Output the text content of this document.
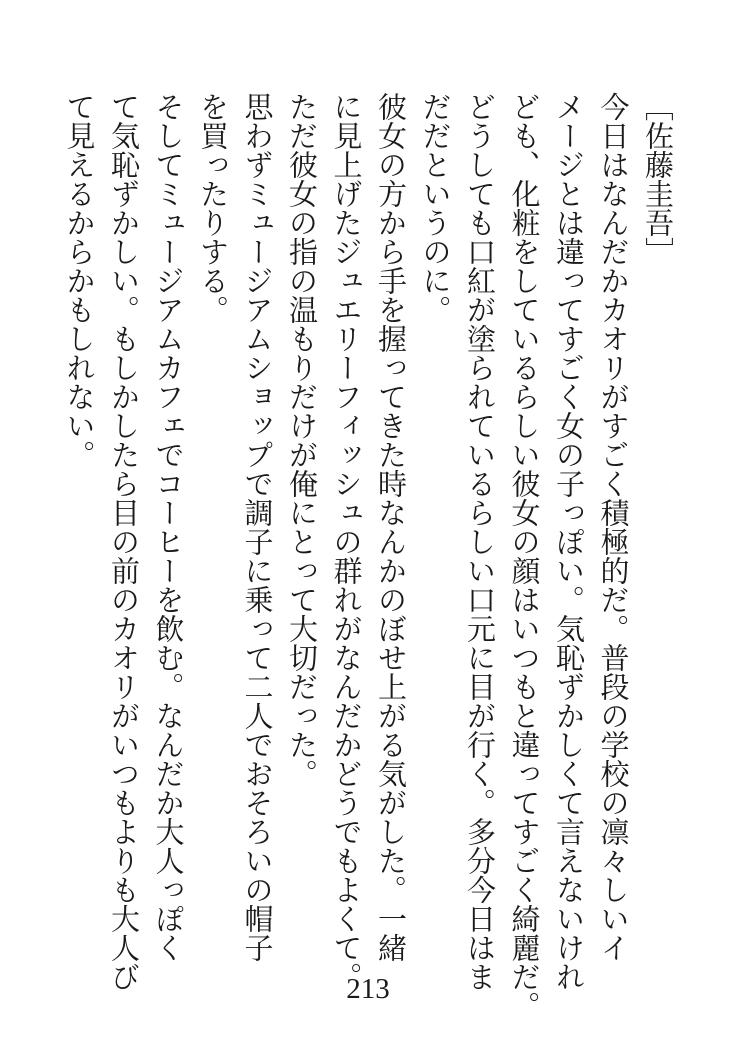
［佐藤圭吾］
今日はなんだかカオリがすごく積極的だ。普段の学校の凛々しいイ
メージとは違ってすごく女の子っぽい。気恥ずかしくて言えないけれ
ども、化粧をしているらしい彼女の顔はいつもと違ってすごく綺麗だ。
どうしても口紅が塗られているらしい口元に目が行く。多分今日はま
だだというのに。
彼女の方から手を握ってきた時なんかのぼせ上がる気がした。一緒
に見上げたジュエリーフィッシュの群れがなんだかどうでもよくて。
ただ彼女の指の温もりだけが俺にとって大切だった。
思わずミュージアムショップで調子に乗って二人でおそろいの帽子
を買ったりする。
そしてミュージアムカフェでコーヒーを飲む。なんだか大人っぽく
て気恥ずかしい。もしかしたら目の前のカオリがいつもよりも大人び
て見えるからかもしれない。
213
